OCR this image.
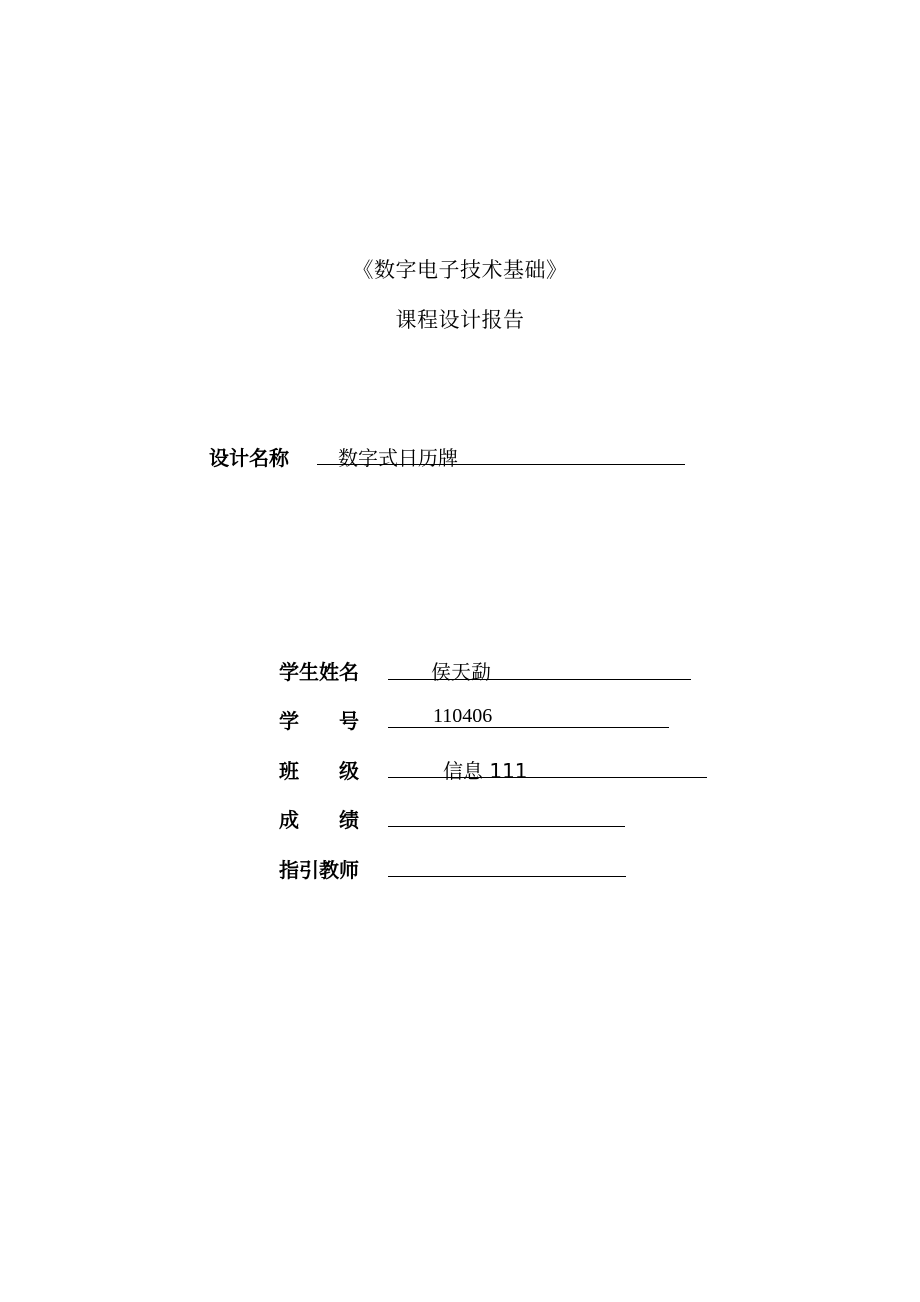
《数字电子技术基础》
课程设计报告
设计名称 数字式日历牌
学生姓名	侯天勐
学　　号	110406
班　　级	信息 111
成　　绩
指引教师
